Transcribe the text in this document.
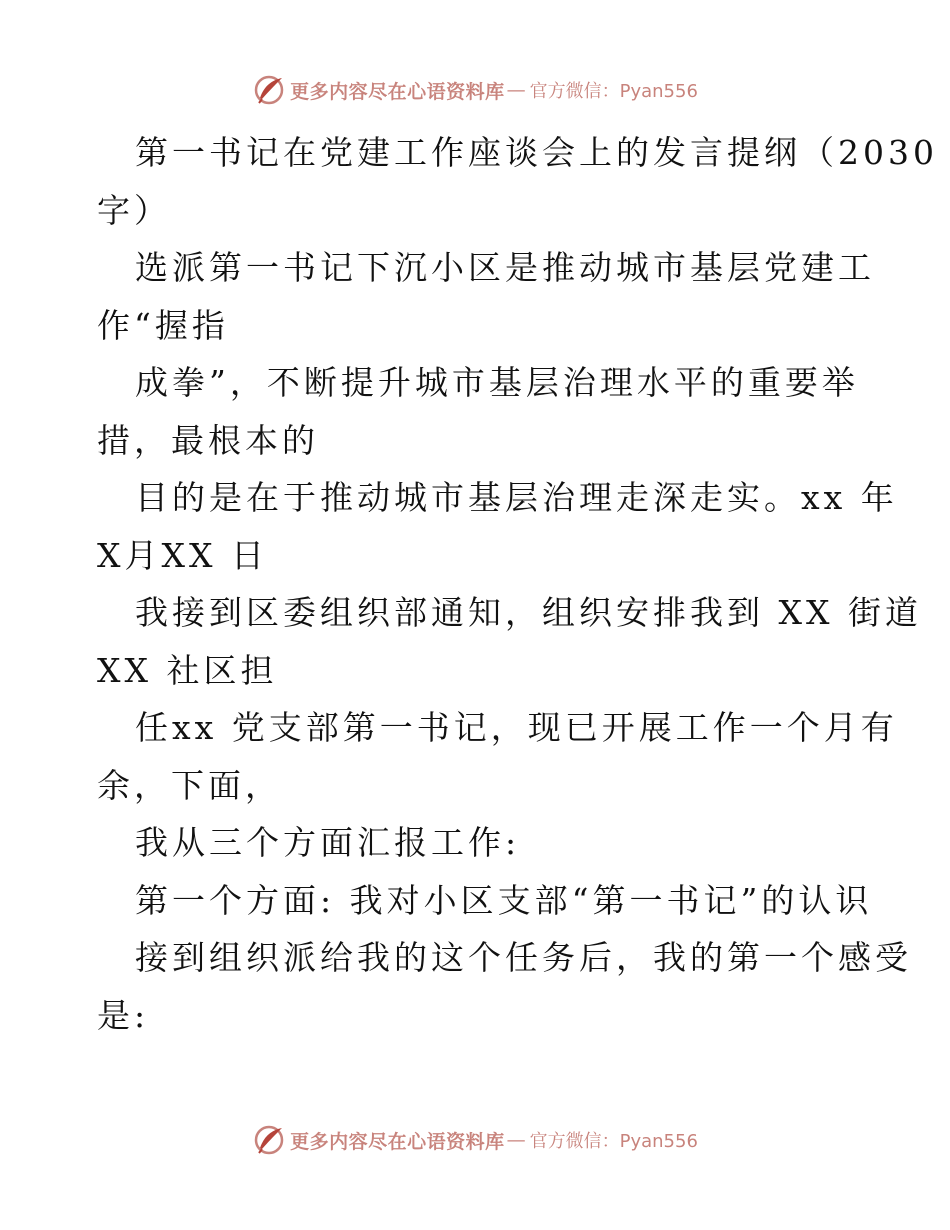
更多内容尽在心语资料库 — 官方微信：Pyan556
第一书记在党建工作座谈会上的发言提纲（2030
字）
选派第一书记下沉小区是推动城市基层党建工
作“握指
成拳”，不断提升城市基层治理水平的重要举
措，最根本的
目的是在于推动城市基层治理走深走实。xx 年
X月XX 日
我接到区委组织部通知，组织安排我到 XX 街道
XX 社区担
任xx 党支部第一书记，现已开展工作一个月有
余，下面，
我从三个方面汇报工作:
第一个方面: 我对小区支部“第一书记”的认识
接到组织派给我的这个任务后，我的第一个感受
是:
更多内容尽在心语资料库 — 官方微信：Pyan556
